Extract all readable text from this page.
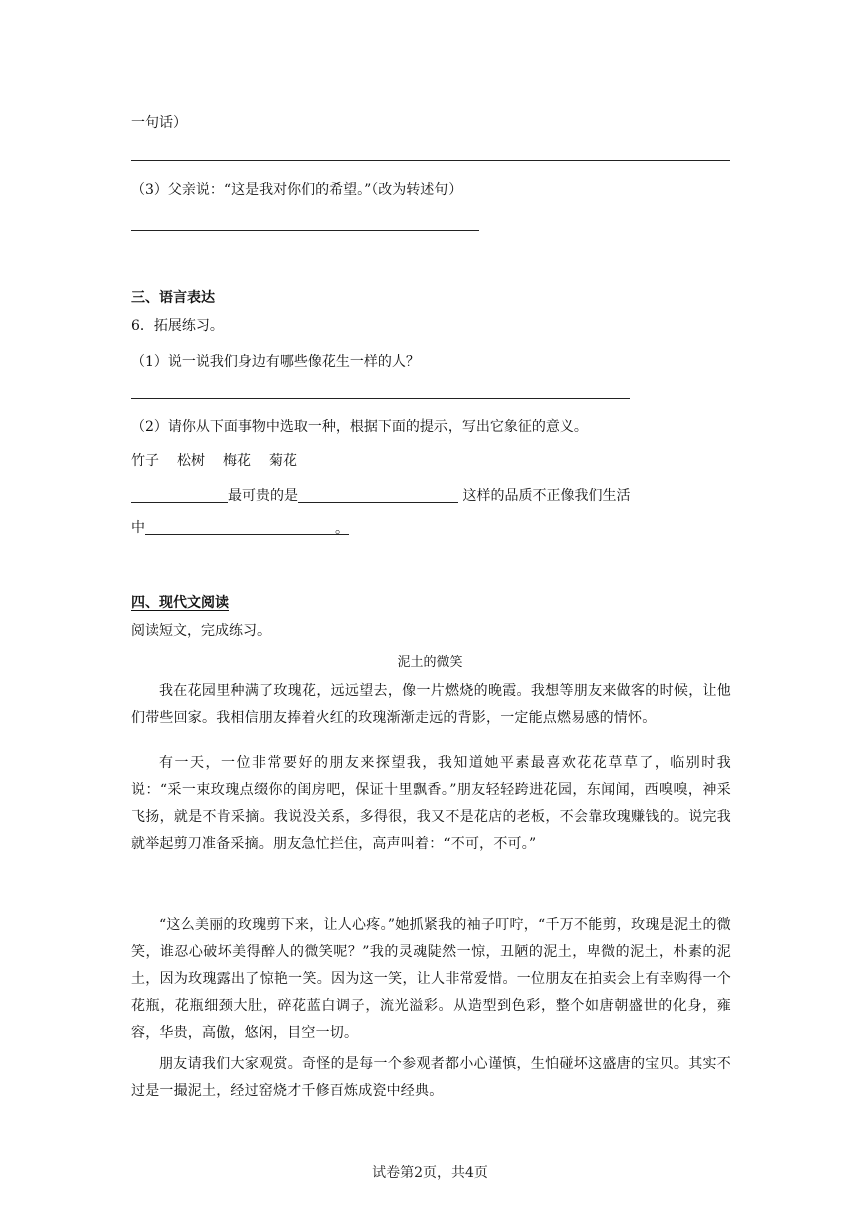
一句话）
（3）父亲说：“这是我对你们的希望。”（改为转述句）
三、语言表达
6．拓展练习。
（1）说一说我们身边有哪些像花生一样的人？
（2）请你从下面事物中选取一种，根据下面的提示，写出它象征的意义。
竹子 松树 梅花 菊花
最可贵的是	这样的品质不正像我们生活
中	。
四、现代文阅读
阅读短文，完成练习。
泥土的微笑
我在花园里种满了玫瑰花，远远望去，像一片燃烧的晚霞。我想等朋友来做客的时候，让他们带些回家。我相信朋友捧着火红的玫瑰渐渐走远的背影，一定能点燃易感的情怀。
有一天，一位非常要好的朋友来探望我，我知道她平素最喜欢花花草草了，临别时我说：“采一束玫瑰点缀你的闺房吧，保证十里飘香。”朋友轻轻跨进花园，东闻闻，西嗅嗅，神采飞扬，就是不肯采摘。我说没关系，多得很，我又不是花店的老板，不会靠玫瑰赚钱的。说完我就举起剪刀准备采摘。朋友急忙拦住，高声叫着：“不可，不可。”
“这么美丽的玫瑰剪下来，让人心疼。”她抓紧我的袖子叮咛，“千万不能剪，玫瑰是泥土的微笑，谁忍心破坏美得醉人的微笑呢？”我的灵魂陡然一惊，丑陋的泥土，卑微的泥土，朴素的泥土，因为玫瑰露出了惊艳一笑。因为这一笑，让人非常爱惜。一位朋友在拍卖会上有幸购得一个花瓶，花瓶细颈大肚，碎花蓝白调子，流光溢彩。从造型到色彩，整个如唐朝盛世的化身，雍容，华贵，高傲，悠闲，目空一切。
朋友请我们大家观赏。奇怪的是每一个参观者都小心谨慎，生怕碰坏这盛唐的宝贝。其实不过是一撮泥土，经过窑烧才千修百炼成瓷中经典。
试卷第2页，共4页
